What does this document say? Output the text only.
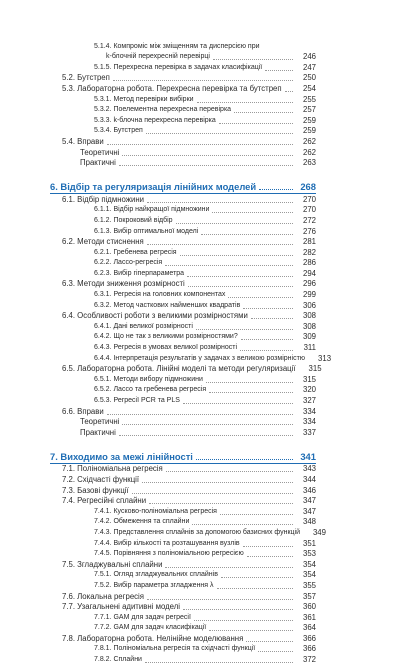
5.1.4. Компроміс між зміщенням та дисперсією при
k-блочній перехресній перевірці	246
5.1.5. Перехресна перевірка в задачах класифікації	247
5.2. Бутстреп	250
5.3. Лабораторна робота. Перехресна перевірка та бутстреп	254
5.3.1. Метод перевірки вибірки	255
5.3.2. Поелементна перехресна перевірка	257
5.3.3. k-блочна перехресна перевірка	259
5.3.4. Бутстреп	259
5.4. Вправи	262
Теоретичні	262
Практичні	263
6. Відбір та регуляризація лінійних моделей	268
6.1. Відбір підмножини	270
6.1.1. Відбір найкращої підмножини	270
6.1.2. Покроковий відбір	272
6.1.3. Вибір оптимальної моделі	276
6.2. Методи стиснення	281
6.2.1. Гребенева регресія	282
6.2.2. Лассо-регресія	286
6.2.3. Вибір гіперпараметра	294
6.3. Методи зниження розмірності	296
6.3.1. Регресія на головних компонентах	299
6.3.2. Метод часткових найменших квадратів	306
6.4. Особливості роботи з великими розмірностями	308
6.4.1. Дані великої розмірності	308
6.4.2. Що не так з великими розмірностями?	309
6.4.3. Регресія в умовах великої розмірності	311
6.4.4. Інтерпретація результатів у задачах з великою розмірністю	313
6.5. Лабораторна робота. Лінійні моделі та методи регуляризації	315
6.5.1. Методи вибору підмножини	315
6.5.2. Лассо та гребенева регресія	320
6.5.3. Регресії PCR та PLS	327
6.6. Вправи	334
Теоретичні	334
Практичні	337
7. Виходимо за межі лінійності	341
7.1. Поліноміальна регресія	343
7.2. Східчасті функції	344
7.3. Базові функції	346
7.4. Регресійні сплайни	347
7.4.1. Кусково-поліноміальна регресія	347
7.4.2. Обмеження та сплайни	348
7.4.3. Представлення сплайнів за допомогою базисних функцій	349
7.4.4. Вибір кількості та розташування вузлів	351
7.4.5. Порівняння з поліноміальною регресією	353
7.5. Згладжувальні сплайни	354
7.5.1. Огляд згладжувальних сплайнів	354
7.5.2. Вибір параметра згладження λ	355
7.6. Локальна регресія	357
7.7. Узагальнені адитивні моделі	360
7.7.1. GAM для задач регресії	361
7.7.2. GAM для задач класифікації	364
7.8. Лабораторна робота. Нелінійне моделювання	366
7.8.1. Поліноміальна регресія та східчасті функції	366
7.8.2. Сплайни	372
